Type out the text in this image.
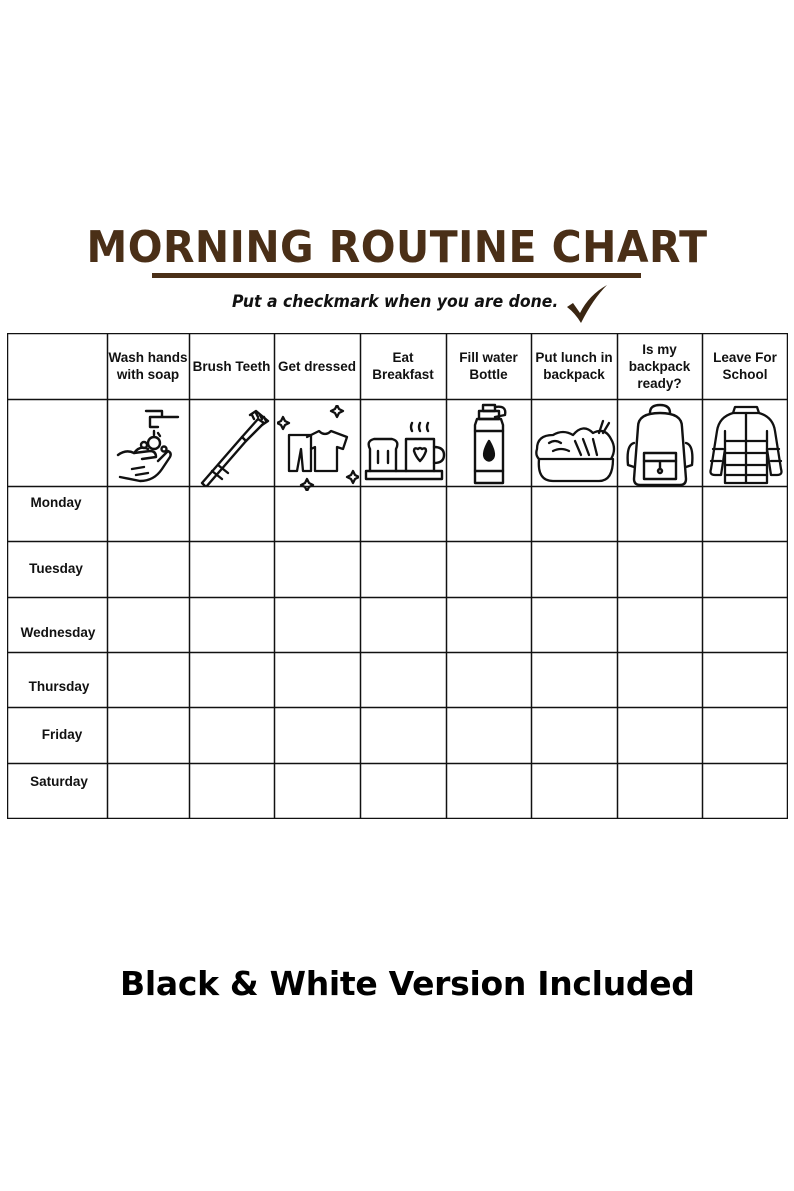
MORNING ROUTINE CHART
Put a checkmark when you are done.
Wash hands with soap
Brush Teeth Get dressed
Eat Breakfast
Fill water Bottle
Put lunch in backpack
Is my backpack ready?
Leave For School
Monday
Tuesday
Wednesday
Thursday
Friday
Saturday
Black & White Version Included
